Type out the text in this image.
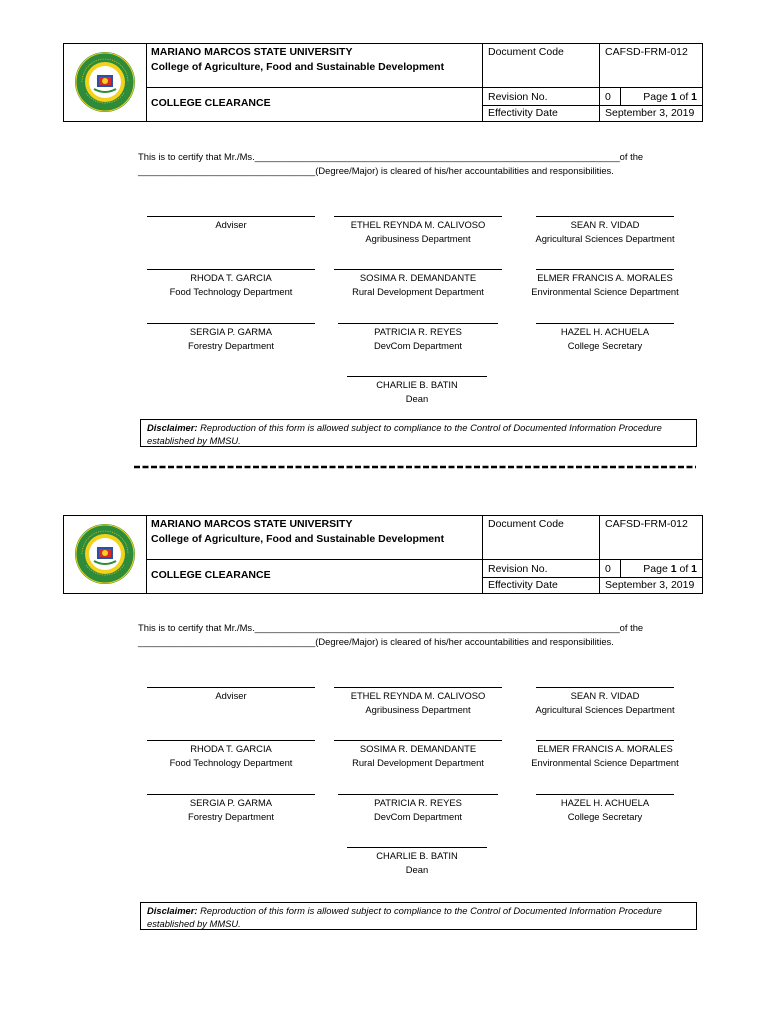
MARIANO MARCOS STATE UNIVERSITY
College of Agriculture, Food and Sustainable Development
COLLEGE CLEARANCE
Document Code	CAFSD-FRM-012
Revision No.	0	Page 1 of 1
Effectivity Date	September 3, 2019
This is to certify that Mr./Ms.______________________________________________________________________of the
__________________________________(Degree/Major) is cleared of his/her accountabilities and responsibilities.
Adviser	ETHEL REYNDA M. CALIVOSO
Agribusiness Department
SEAN R. VIDAD
Agricultural Sciences Department
RHODA T. GARCIA
Food Technology Department
SOSIMA R. DEMANDANTE
Rural Development Department
ELMER FRANCIS A. MORALES
Environmental Science Department
SERGIA P. GARMA
Forestry Department
PATRICIA R. REYES
DevCom Department
HAZEL H. ACHUELA
College Secretary
CHARLIE B. BATIN
Dean
Disclaimer: Reproduction of this form is allowed subject to compliance to the Control of Documented Information Procedure established by MMSU.
MARIANO MARCOS STATE UNIVERSITY
College of Agriculture, Food and Sustainable Development
COLLEGE CLEARANCE
Document Code	CAFSD-FRM-012
Revision No.	0	Page 1 of 1
Effectivity Date	September 3, 2019
This is to certify that Mr./Ms.______________________________________________________________________of the
__________________________________(Degree/Major) is cleared of his/her accountabilities and responsibilities.
Adviser	ETHEL REYNDA M. CALIVOSO
Agribusiness Department
SEAN R. VIDAD
Agricultural Sciences Department
RHODA T. GARCIA
Food Technology Department
SOSIMA R. DEMANDANTE
Rural Development Department
ELMER FRANCIS A. MORALES
Environmental Science Department
SERGIA P. GARMA
Forestry Department
PATRICIA R. REYES
DevCom Department
HAZEL H. ACHUELA
College Secretary
CHARLIE B. BATIN
Dean
Disclaimer: Reproduction of this form is allowed subject to compliance to the Control of Documented Information Procedure established by MMSU.
